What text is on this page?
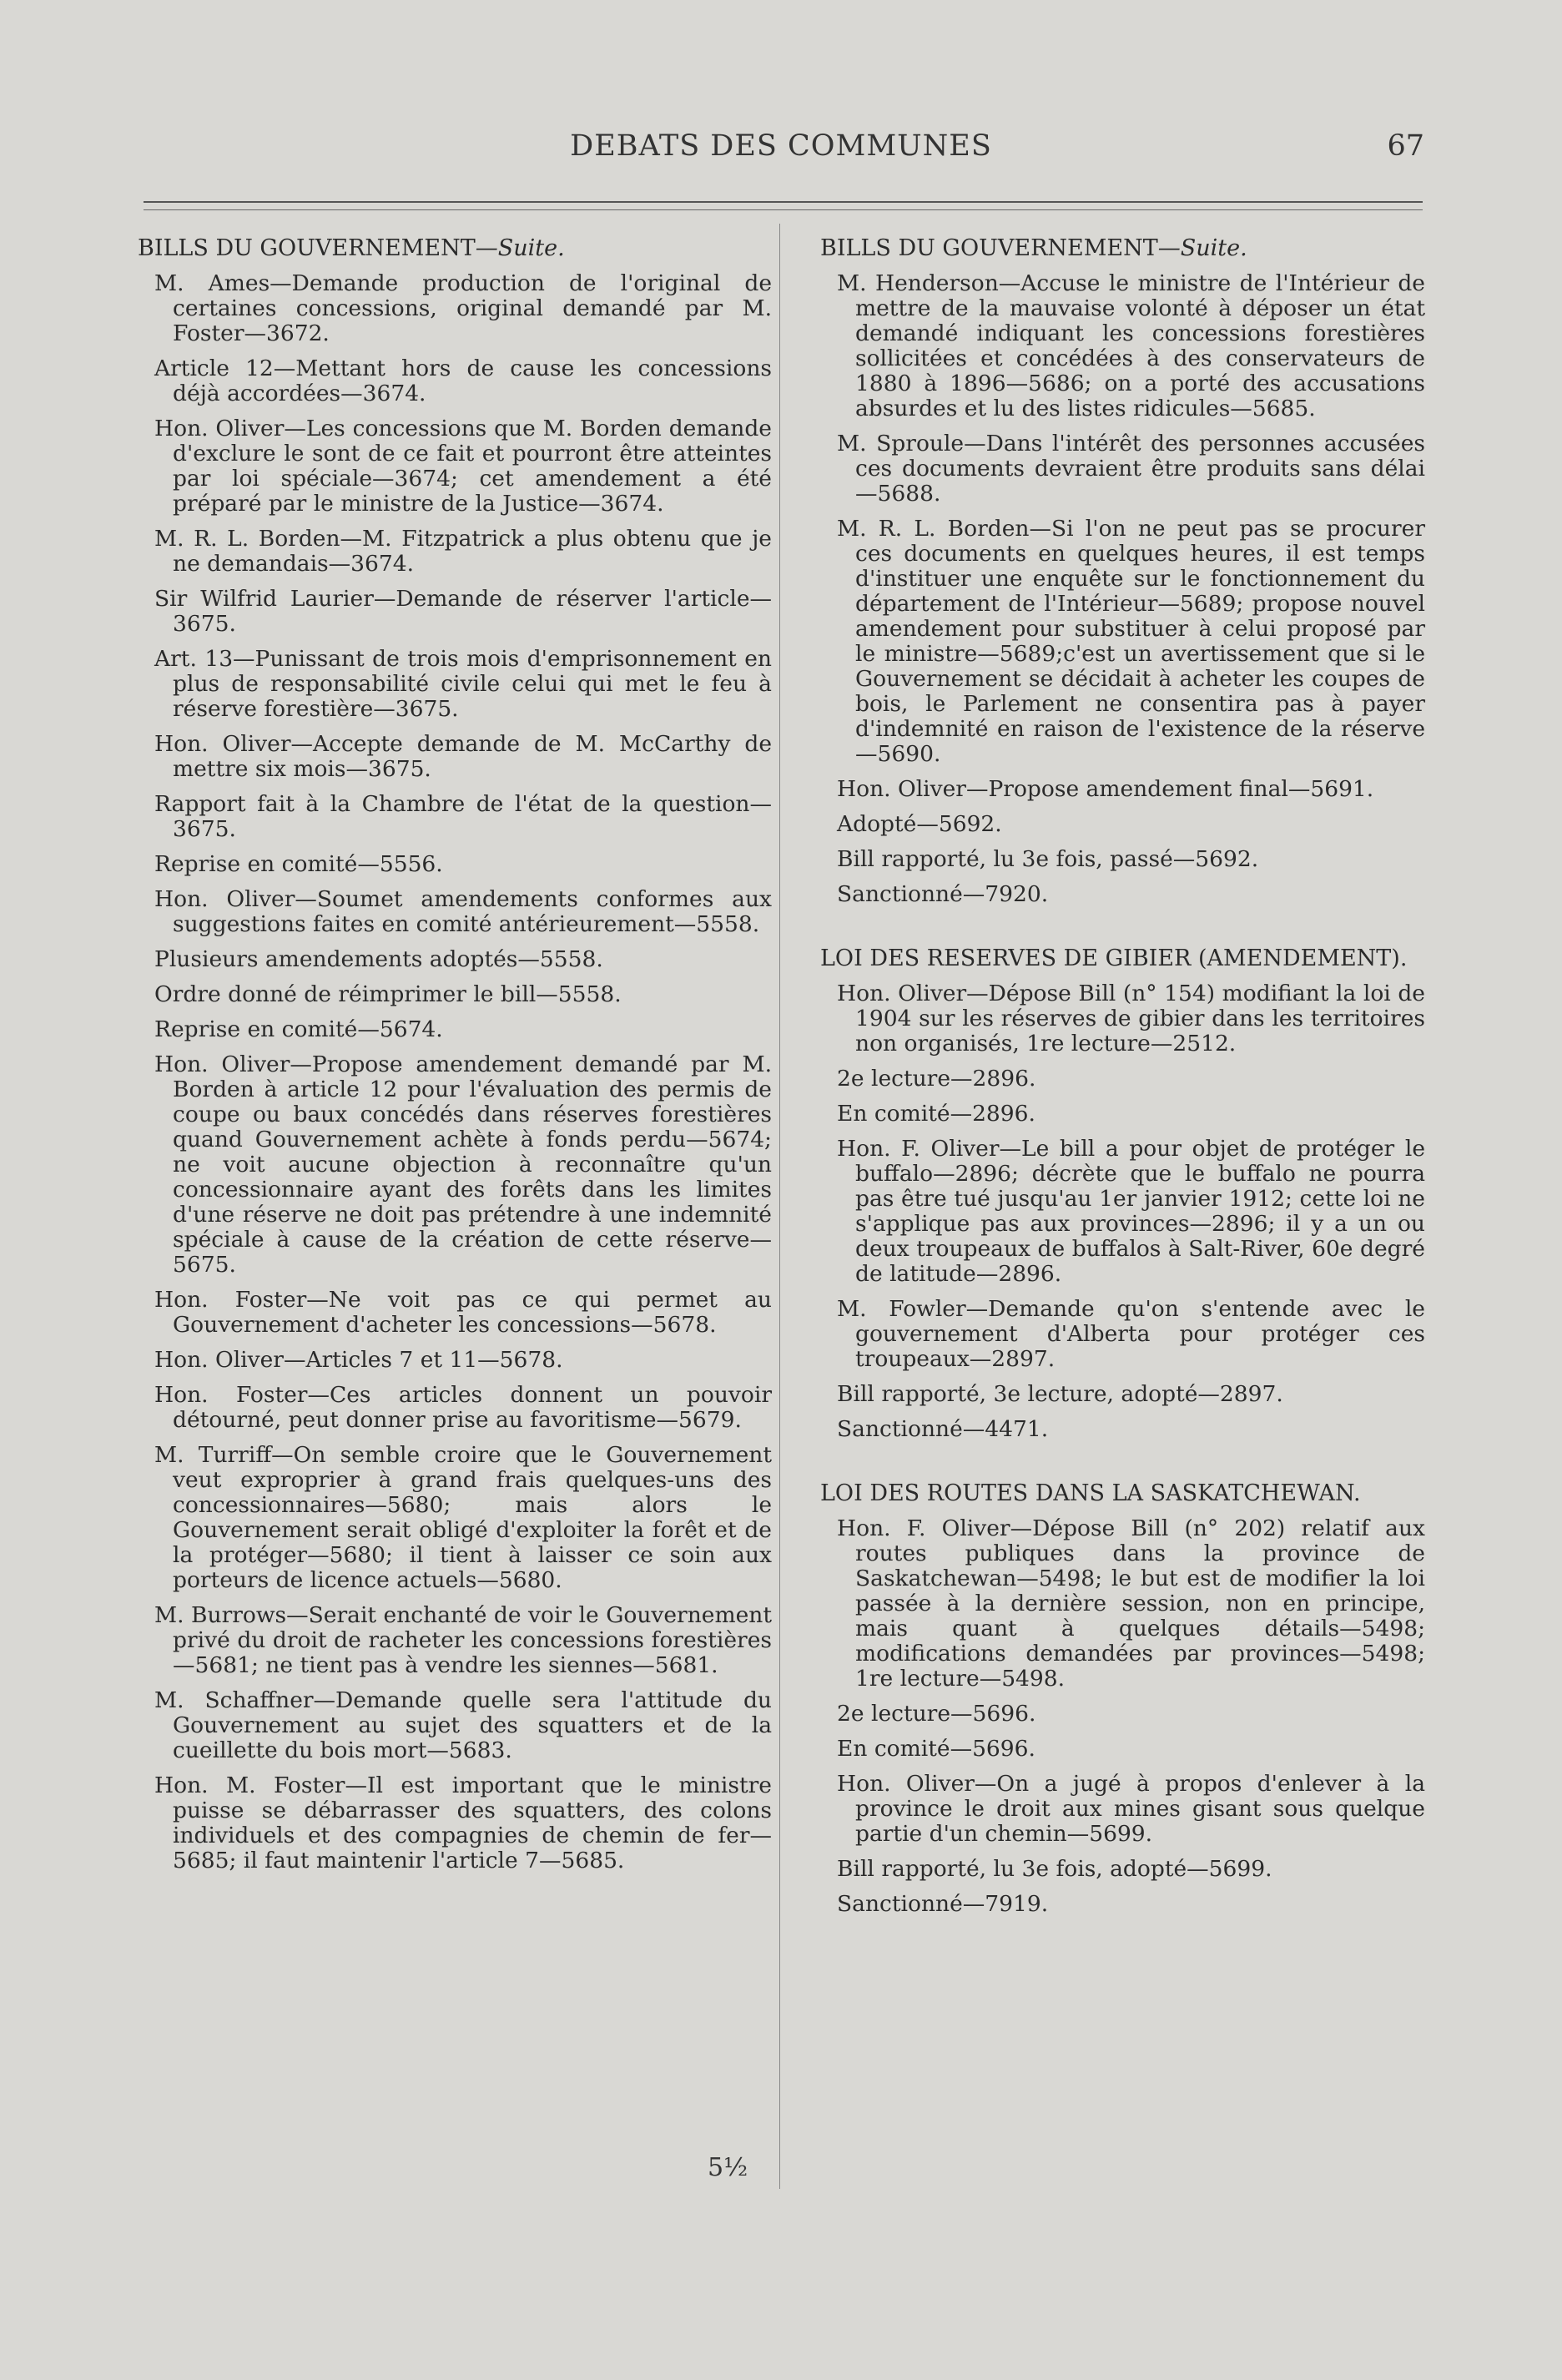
DEBATS DES COMMUNES	67
BILLS DU GOUVERNEMENT—Suite.

M. Ames—Demande production de l'original de certaines concessions, original demandé par M. Foster—3672.

Article 12—Mettant hors de cause les concessions déjà accordées—3674.

Hon. Oliver—Les concessions que M. Borden demande d'exclure le sont de ce fait et pourront être atteintes par loi spéciale—3674; cet amendement a été préparé par le ministre de la Justice—3674.

M. R. L. Borden—M. Fitzpatrick a plus obtenu que je ne demandais—3674.

Sir Wilfrid Laurier—Demande de réserver l'article—3675.

Art. 13—Punissant de trois mois d'emprisonnement en plus de responsabilité civile celui qui met le feu à réserve forestière—3675.

Hon. Oliver—Accepte demande de M. McCarthy de mettre six mois—3675.

Rapport fait à la Chambre de l'état de la question—3675.

Reprise en comité—5556.

Hon. Oliver—Soumet amendements conformes aux suggestions faites en comité antérieurement—5558.

Plusieurs amendements adoptés—5558.

Ordre donné de réimprimer le bill—5558.

Reprise en comité—5674.

Hon. Oliver—Propose amendement demandé par M. Borden à article 12 pour l'évaluation des permis de coupe ou baux concédés dans réserves forestières quand Gouvernement achète à fonds perdu—5674; ne voit aucune objection à reconnaître qu'un concessionnaire ayant des forêts dans les limites d'une réserve ne doit pas prétendre à une indemnité spéciale à cause de la création de cette réserve—5675.

Hon. Foster—Ne voit pas ce qui permet au Gouvernement d'acheter les concessions—5678.

Hon. Oliver—Articles 7 et 11—5678.

Hon. Foster—Ces articles donnent un pouvoir détourné, peut donner prise au favoritisme—5679.

M. Turriff—On semble croire que le Gouvernement veut exproprier à grand frais quelques-uns des concessionnaires—5680; mais alors le Gouvernement serait obligé d'exploiter la forêt et de la protéger—5680; il tient à laisser ce soin aux porteurs de licence actuels—5680.

M. Burrows—Serait enchanté de voir le Gouvernement privé du droit de racheter les concessions forestières—5681; ne tient pas à vendre les siennes—5681.

M. Schaffner—Demande quelle sera l'attitude du Gouvernement au sujet des squatters et de la cueillette du bois mort—5683.

Hon. M. Foster—Il est important que le ministre puisse se débarrasser des squatters, des colons individuels et des compagnies de chemin de fer—5685; il faut maintenir l'article 7—5685.

BILLS DU GOUVERNEMENT—Suite.

M. Henderson—Accuse le ministre de l'Intérieur de mettre de la mauvaise volonté à déposer un état demandé indiquant les concessions forestières sollicitées et concédées à des conservateurs de 1880 à 1896—5686; on a porté des accusations absurdes et lu des listes ridicules—5685.

M. Sproule—Dans l'intérêt des personnes accusées ces documents devraient être produits sans délai—5688.

M. R. L. Borden—Si l'on ne peut pas se procurer ces documents en quelques heures, il est temps d'instituer une enquête sur le fonctionnement du département de l'Intérieur—5689; propose nouvel amendement pour substituer à celui proposé par le ministre—5689;c'est un avertissement que si le Gouvernement se décidait à acheter les coupes de bois, le Parlement ne consentira pas à payer d'indemnité en raison de l'existence de la réserve—5690.

Hon. Oliver—Propose amendement final—5691.

Adopté—5692.

Bill rapporté, lu 3e fois, passé—5692.

Sanctionné—7920.

LOI DES RESERVES DE GIBIER (AMENDEMENT).

Hon. Oliver—Dépose Bill (n° 154) modifiant la loi de 1904 sur les réserves de gibier dans les territoires non organisés, 1re lecture—2512.

2e lecture—2896.

En comité—2896.

Hon. F. Oliver—Le bill a pour objet de protéger le buffalo—2896; décrète que le buffalo ne pourra pas être tué jusqu'au 1er janvier 1912; cette loi ne s'applique pas aux provinces—2896; il y a un ou deux troupeaux de buffalos à Salt-River, 60e degré de latitude—2896.

M. Fowler—Demande qu'on s'entende avec le gouvernement d'Alberta pour protéger ces troupeaux—2897.

Bill rapporté, 3e lecture, adopté—2897.

Sanctionné—4471.

LOI DES ROUTES DANS LA SASKATCHEWAN.

Hon. F. Oliver—Dépose Bill (n° 202) relatif aux routes publiques dans la province de Saskatchewan—5498; le but est de modifier la loi passée à la dernière session, non en principe, mais quant à quelques détails—5498; modifications demandées par provinces—5498; 1re lecture—5498.

2e lecture—5696.

En comité—5696.

Hon. Oliver—On a jugé à propos d'enlever à la province le droit aux mines gisant sous quelque partie d'un chemin—5699.

Bill rapporté, lu 3e fois, adopté—5699.

Sanctionné—7919.

5½
